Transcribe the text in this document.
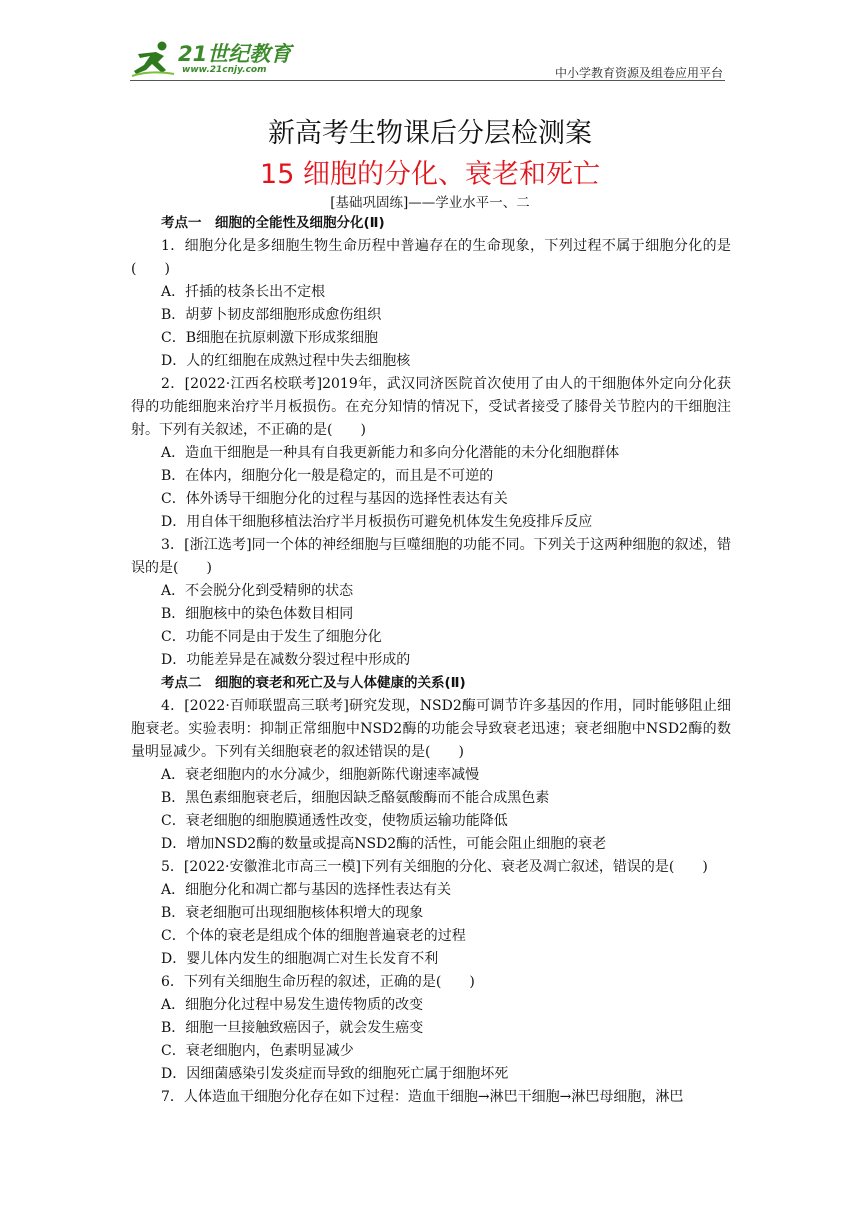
21世纪教育
www.21cnjy.com	中小学教育资源及组卷应用平台
新高考生物课后分层检测案
15 细胞的分化、衰老和死亡
[基础巩固练]——学业水平一、二

考点一　细胞的全能性及细胞分化(Ⅱ)

1．细胞分化是多细胞生物生命历程中普遍存在的生命现象，下列过程不属于细胞分化的是(　　)

A．扦插的枝条长出不定根

B．胡萝卜韧皮部细胞形成愈伤组织

C．B细胞在抗原刺激下形成浆细胞

D．人的红细胞在成熟过程中失去细胞核

2．[2022·江西名校联考]2019年，武汉同济医院首次使用了由人的干细胞体外定向分化获得的功能细胞来治疗半月板损伤。在充分知情的情况下，受试者接受了膝骨关节腔内的干细胞注射。下列有关叙述，不正确的是(　　)

A．造血干细胞是一种具有自我更新能力和多向分化潜能的未分化细胞群体

B．在体内，细胞分化一般是稳定的，而且是不可逆的

C．体外诱导干细胞分化的过程与基因的选择性表达有关

D．用自体干细胞移植法治疗半月板损伤可避免机体发生免疫排斥反应

3．[浙江选考]同一个体的神经细胞与巨噬细胞的功能不同。下列关于这两种细胞的叙述，错误的是(　　)

A．不会脱分化到受精卵的状态

B．细胞核中的染色体数目相同

C．功能不同是由于发生了细胞分化

D．功能差异是在减数分裂过程中形成的

考点二　细胞的衰老和死亡及与人体健康的关系(Ⅱ)

4．[2022·百师联盟高三联考]研究发现，NSD2酶可调节许多基因的作用，同时能够阻止细胞衰老。实验表明：抑制正常细胞中NSD2酶的功能会导致衰老迅速；衰老细胞中NSD2酶的数量明显减少。下列有关细胞衰老的叙述错误的是(　　)

A．衰老细胞内的水分减少，细胞新陈代谢速率减慢

B．黑色素细胞衰老后，细胞因缺乏酪氨酸酶而不能合成黑色素

C．衰老细胞的细胞膜通透性改变，使物质运输功能降低

D．增加NSD2酶的数量或提高NSD2酶的活性，可能会阻止细胞的衰老

5．[2022·安徽淮北市高三一模]下列有关细胞的分化、衰老及凋亡叙述，错误的是(　　)

A．细胞分化和凋亡都与基因的选择性表达有关

B．衰老细胞可出现细胞核体积增大的现象

C．个体的衰老是组成个体的细胞普遍衰老的过程

D．婴儿体内发生的细胞凋亡对生长发育不利

6．下列有关细胞生命历程的叙述，正确的是(　　)

A．细胞分化过程中易发生遗传物质的改变

B．细胞一旦接触致癌因子，就会发生癌变

C．衰老细胞内，色素明显减少

D．因细菌感染引发炎症而导致的细胞死亡属于细胞坏死

7．人体造血干细胞分化存在如下过程：造血干细胞→淋巴干细胞→淋巴母细胞，淋巴
